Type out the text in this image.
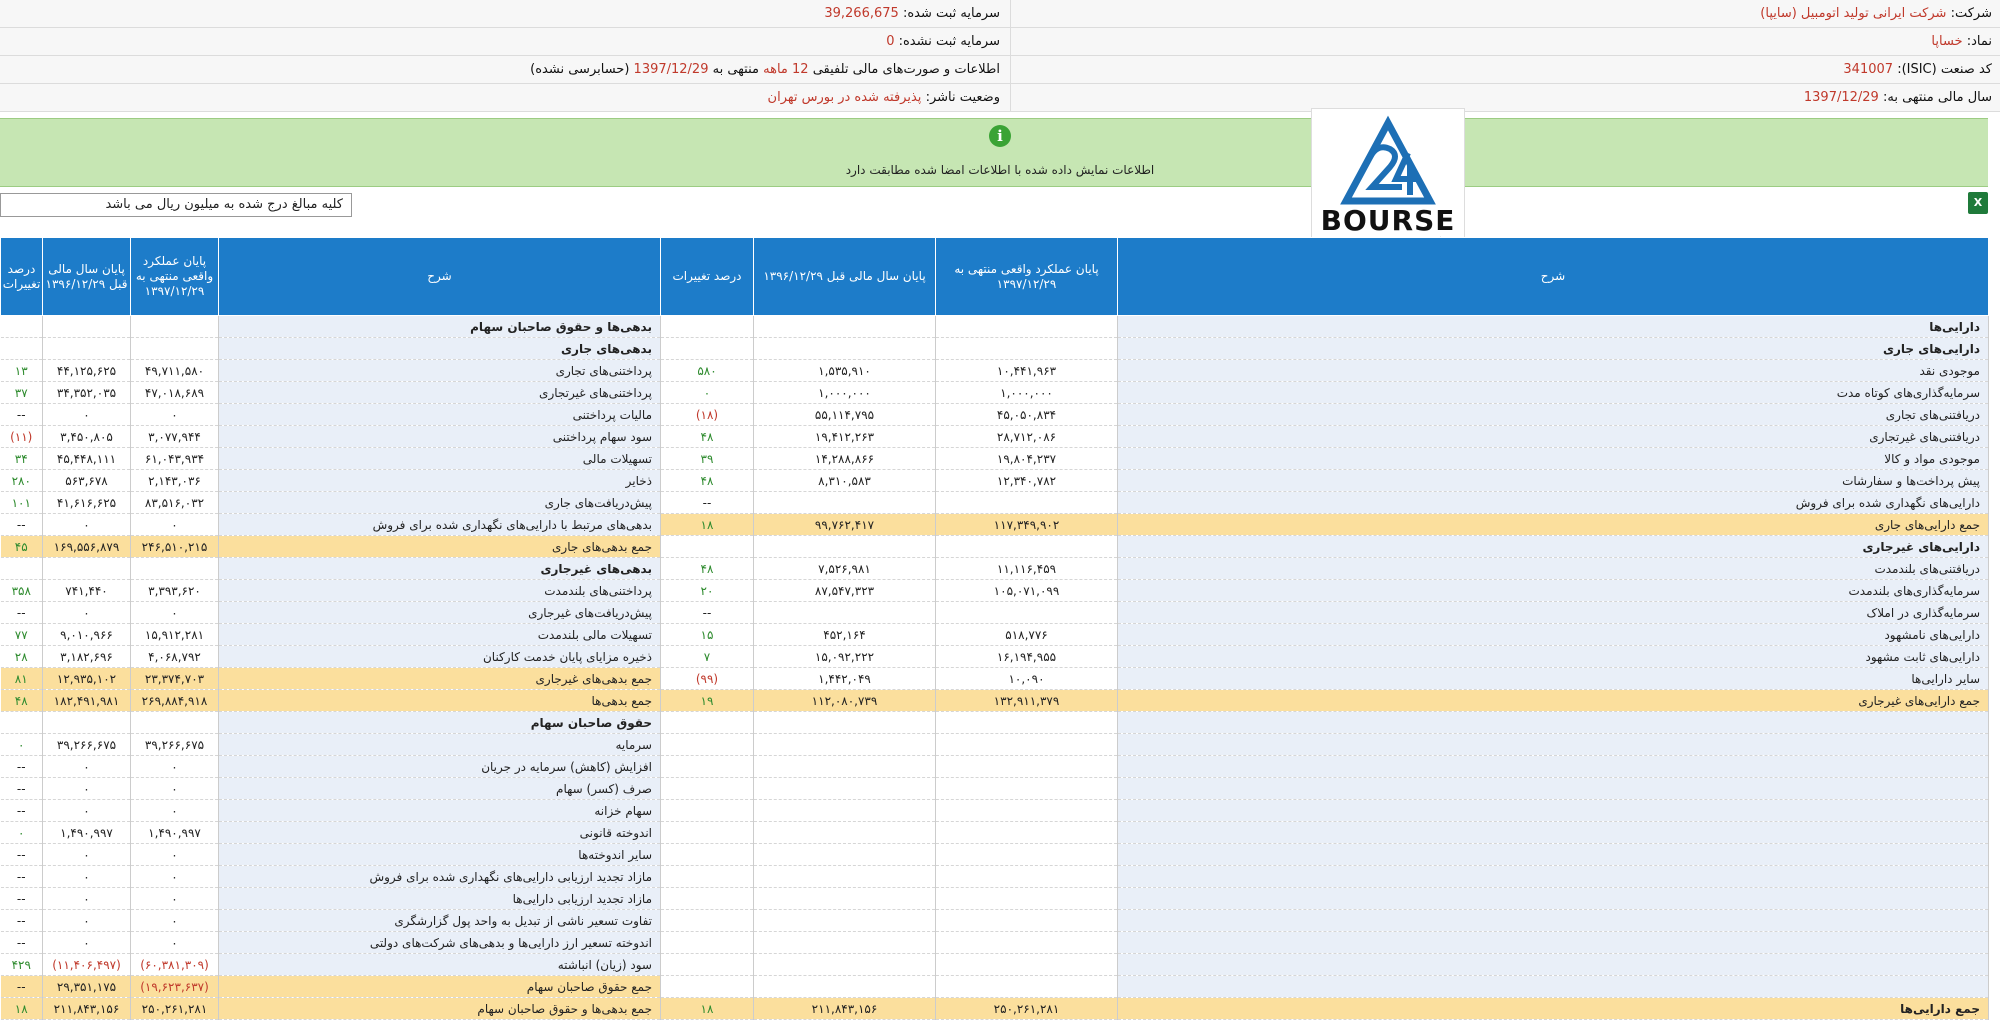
شرکت: شرکت ایرانی تولید اتومبیل (سایپا)
سرمایه ثبت شده: 39,266,675
نماد: خساپا
سرمایه ثبت نشده: 0
کد صنعت (ISIC): 341007
اطلاعات و صورت‌های مالی تلفیقی 12 ماهه منتهی به 1397/12/29 (حسابرسی نشده)
سال مالی منتهی به: 1397/12/29
وضعیت ناشر: پذیرفته شده در بورس تهران
i
اطلاعات نمایش داده شده با اطلاعات امضا شده مطابقت دارد
BOURSE
کلیه مبالغ درج شده به میلیون ریال می باشد	X
درصد تغییرات	پایان سال مالی قبل ۱۳۹۶/۱۲/۲۹	پایان عملکرد واقعی منتهی به ۱۳۹۷/۱۲/۲۹	شرح	درصد تغییرات	پایان سال مالی قبل ۱۳۹۶/۱۲/۲۹	پایان عملکرد واقعی منتهی به ۱۳۹۷/۱۲/۲۹	شرح
			بدهی‌ها و حقوق صاحبان سهام				دارایی‌ها
			بدهی‌های جاری				دارایی‌های جاری
۱۳	۴۴,۱۲۵,۶۲۵	۴۹,۷۱۱,۵۸۰	پرداختنی‌های تجاری	۵۸۰	۱,۵۳۵,۹۱۰	۱۰,۴۴۱,۹۶۳	موجودی نقد
۳۷	۳۴,۳۵۲,۰۳۵	۴۷,۰۱۸,۶۸۹	پرداختنی‌های غیرتجاری	۰	۱,۰۰۰,۰۰۰	۱,۰۰۰,۰۰۰	سرمایه‌گذاری‌های کوتاه مدت
--	۰	۰	مالیات پرداختنی	(۱۸)	۵۵,۱۱۴,۷۹۵	۴۵,۰۵۰,۸۳۴	دریافتنی‌های تجاری
(۱۱)	۳,۴۵۰,۸۰۵	۳,۰۷۷,۹۴۴	سود سهام پرداختنی	۴۸	۱۹,۴۱۲,۲۶۳	۲۸,۷۱۲,۰۸۶	دریافتنی‌های غیرتجاری
۳۴	۴۵,۴۴۸,۱۱۱	۶۱,۰۴۳,۹۳۴	تسهیلات مالی	۳۹	۱۴,۲۸۸,۸۶۶	۱۹,۸۰۴,۲۳۷	موجودی مواد و کالا
۲۸۰	۵۶۳,۶۷۸	۲,۱۴۳,۰۳۶	ذخایر	۴۸	۸,۳۱۰,۵۸۳	۱۲,۳۴۰,۷۸۲	پیش پرداخت‌ها و سفارشات
۱۰۱	۴۱,۶۱۶,۶۲۵	۸۳,۵۱۶,۰۳۲	پیش‌دریافت‌های جاری	--			دارایی‌های نگهداری شده برای فروش
--	۰	۰	بدهی‌های مرتبط با دارایی‌های نگهداری شده برای فروش	۱۸	۹۹,۷۶۲,۴۱۷	۱۱۷,۳۴۹,۹۰۲	جمع دارایی‌های جاری
۴۵	۱۶۹,۵۵۶,۸۷۹	۲۴۶,۵۱۰,۲۱۵	جمع بدهی‌های جاری				دارایی‌های غیرجاری
			بدهی‌های غیرجاری	۴۸	۷,۵۲۶,۹۸۱	۱۱,۱۱۶,۴۵۹	دریافتنی‌های بلندمدت
۳۵۸	۷۴۱,۴۴۰	۳,۳۹۳,۶۲۰	پرداختنی‌های بلندمدت	۲۰	۸۷,۵۴۷,۳۲۳	۱۰۵,۰۷۱,۰۹۹	سرمایه‌گذاری‌های بلندمدت
--	۰	۰	پیش‌دریافت‌های غیرجاری	--			سرمایه‌گذاری در املاک
۷۷	۹,۰۱۰,۹۶۶	۱۵,۹۱۲,۲۸۱	تسهیلات مالی بلندمدت	۱۵	۴۵۲,۱۶۴	۵۱۸,۷۷۶	دارایی‌های نامشهود
۲۸	۳,۱۸۲,۶۹۶	۴,۰۶۸,۷۹۲	ذخیره مزایای پایان خدمت کارکنان	۷	۱۵,۰۹۲,۲۲۲	۱۶,۱۹۴,۹۵۵	دارایی‌های ثابت مشهود
۸۱	۱۲,۹۳۵,۱۰۲	۲۳,۳۷۴,۷۰۳	جمع بدهی‌های غیرجاری	(۹۹)	۱,۴۴۲,۰۴۹	۱۰,۰۹۰	سایر دارایی‌ها
۴۸	۱۸۲,۴۹۱,۹۸۱	۲۶۹,۸۸۴,۹۱۸	جمع بدهی‌ها	۱۹	۱۱۲,۰۸۰,۷۳۹	۱۳۲,۹۱۱,۳۷۹	جمع دارایی‌های غیرجاری
			حقوق صاحبان سهام				
۰	۳۹,۲۶۶,۶۷۵	۳۹,۲۶۶,۶۷۵	سرمایه				
--	۰	۰	افزایش (کاهش) سرمایه در جریان				
--	۰	۰	صرف (کسر) سهام				
--	۰	۰	سهام خزانه				
۰	۱,۴۹۰,۹۹۷	۱,۴۹۰,۹۹۷	اندوخته قانونی				
--	۰	۰	سایر اندوخته‌ها				
--	۰	۰	مازاد تجدید ارزیابی دارایی‌های نگهداری شده برای فروش				
--	۰	۰	مازاد تجدید ارزیابی دارایی‌ها				
--	۰	۰	تفاوت تسعیر ناشی از تبدیل به واحد پول گزارشگری				
--	۰	۰	اندوخته تسعیر ارز دارایی‌ها و بدهی‌های شرکت‌های دولتی				
۴۲۹	(۱۱,۴۰۶,۴۹۷)	(۶۰,۳۸۱,۳۰۹)	سود (زیان) انباشته				
--	۲۹,۳۵۱,۱۷۵	(۱۹,۶۲۳,۶۳۷)	جمع حقوق صاحبان سهام				
۱۸	۲۱۱,۸۴۳,۱۵۶	۲۵۰,۲۶۱,۲۸۱	جمع بدهی‌ها و حقوق صاحبان سهام	۱۸	۲۱۱,۸۴۳,۱۵۶	۲۵۰,۲۶۱,۲۸۱	جمع دارایی‌ها
